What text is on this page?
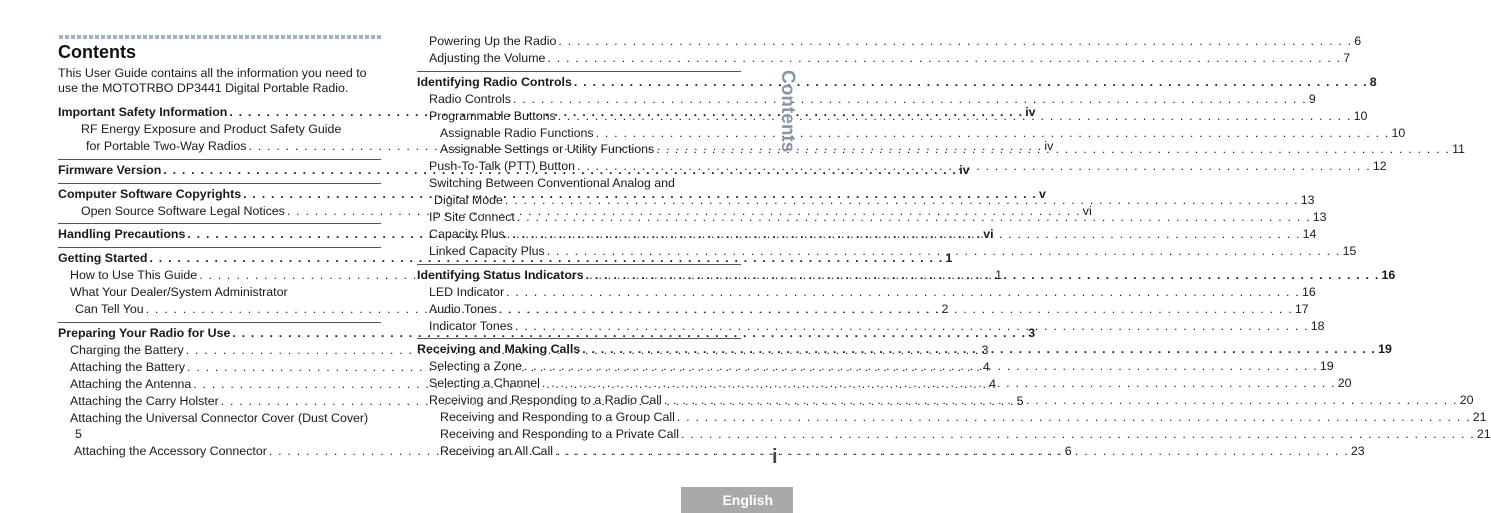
Contents
This User Guide contains all the information you need to use the MOTOTRBO DP3441 Digital Portable Radio.
Important Safety Information . . .	iv
RF Energy Exposure and Product Safety Guide
for Portable Two-Way Radios . . .	iv
Firmware Version . . .	iv
Computer Software Copyrights . . .	v
Open Source Software Legal Notices . . .	vi
Handling Precautions . . .	vi
Getting Started . . .	1
How to Use This Guide . . .	1
What Your Dealer/System Administrator
Can Tell You . . .	2
Preparing Your Radio for Use . . .	3
Charging the Battery . . .	3
Attaching the Battery . . .	4
Attaching the Antenna . . .	4
Attaching the Carry Holster . . .	5
Attaching the Universal Connector Cover (Dust Cover)
5
Attaching the Accessory Connector . . .	6
Powering Up the Radio . . .	6
Adjusting the Volume . . .	7
Identifying Radio Controls . . .	8
Radio Controls . . .	9
Programmable Buttons . . .	10
Assignable Radio Functions . . .	10
Assignable Settings or Utility Functions . . .	11
Push-To-Talk (PTT) Button . . .	12
Switching Between Conventional Analog and
Digital Mode . . .	13
IP Site Connect . . .	13
Capacity Plus . . .	14
Linked Capacity Plus . . .	15
Identifying Status Indicators . . .	16
LED Indicator . . .	16
Audio Tones . . .	17
Indicator Tones . . .	18
Receiving and Making Calls . . .	19
Selecting a Zone . . .	19
Selecting a Channel . . .	20
Receiving and Responding to a Radio Call . . .	20
Receiving and Responding to a Group Call . . .	21
Receiving and Responding to a Private Call . . .	21
Receiving an All Call . . .	23
Contents
i
English
